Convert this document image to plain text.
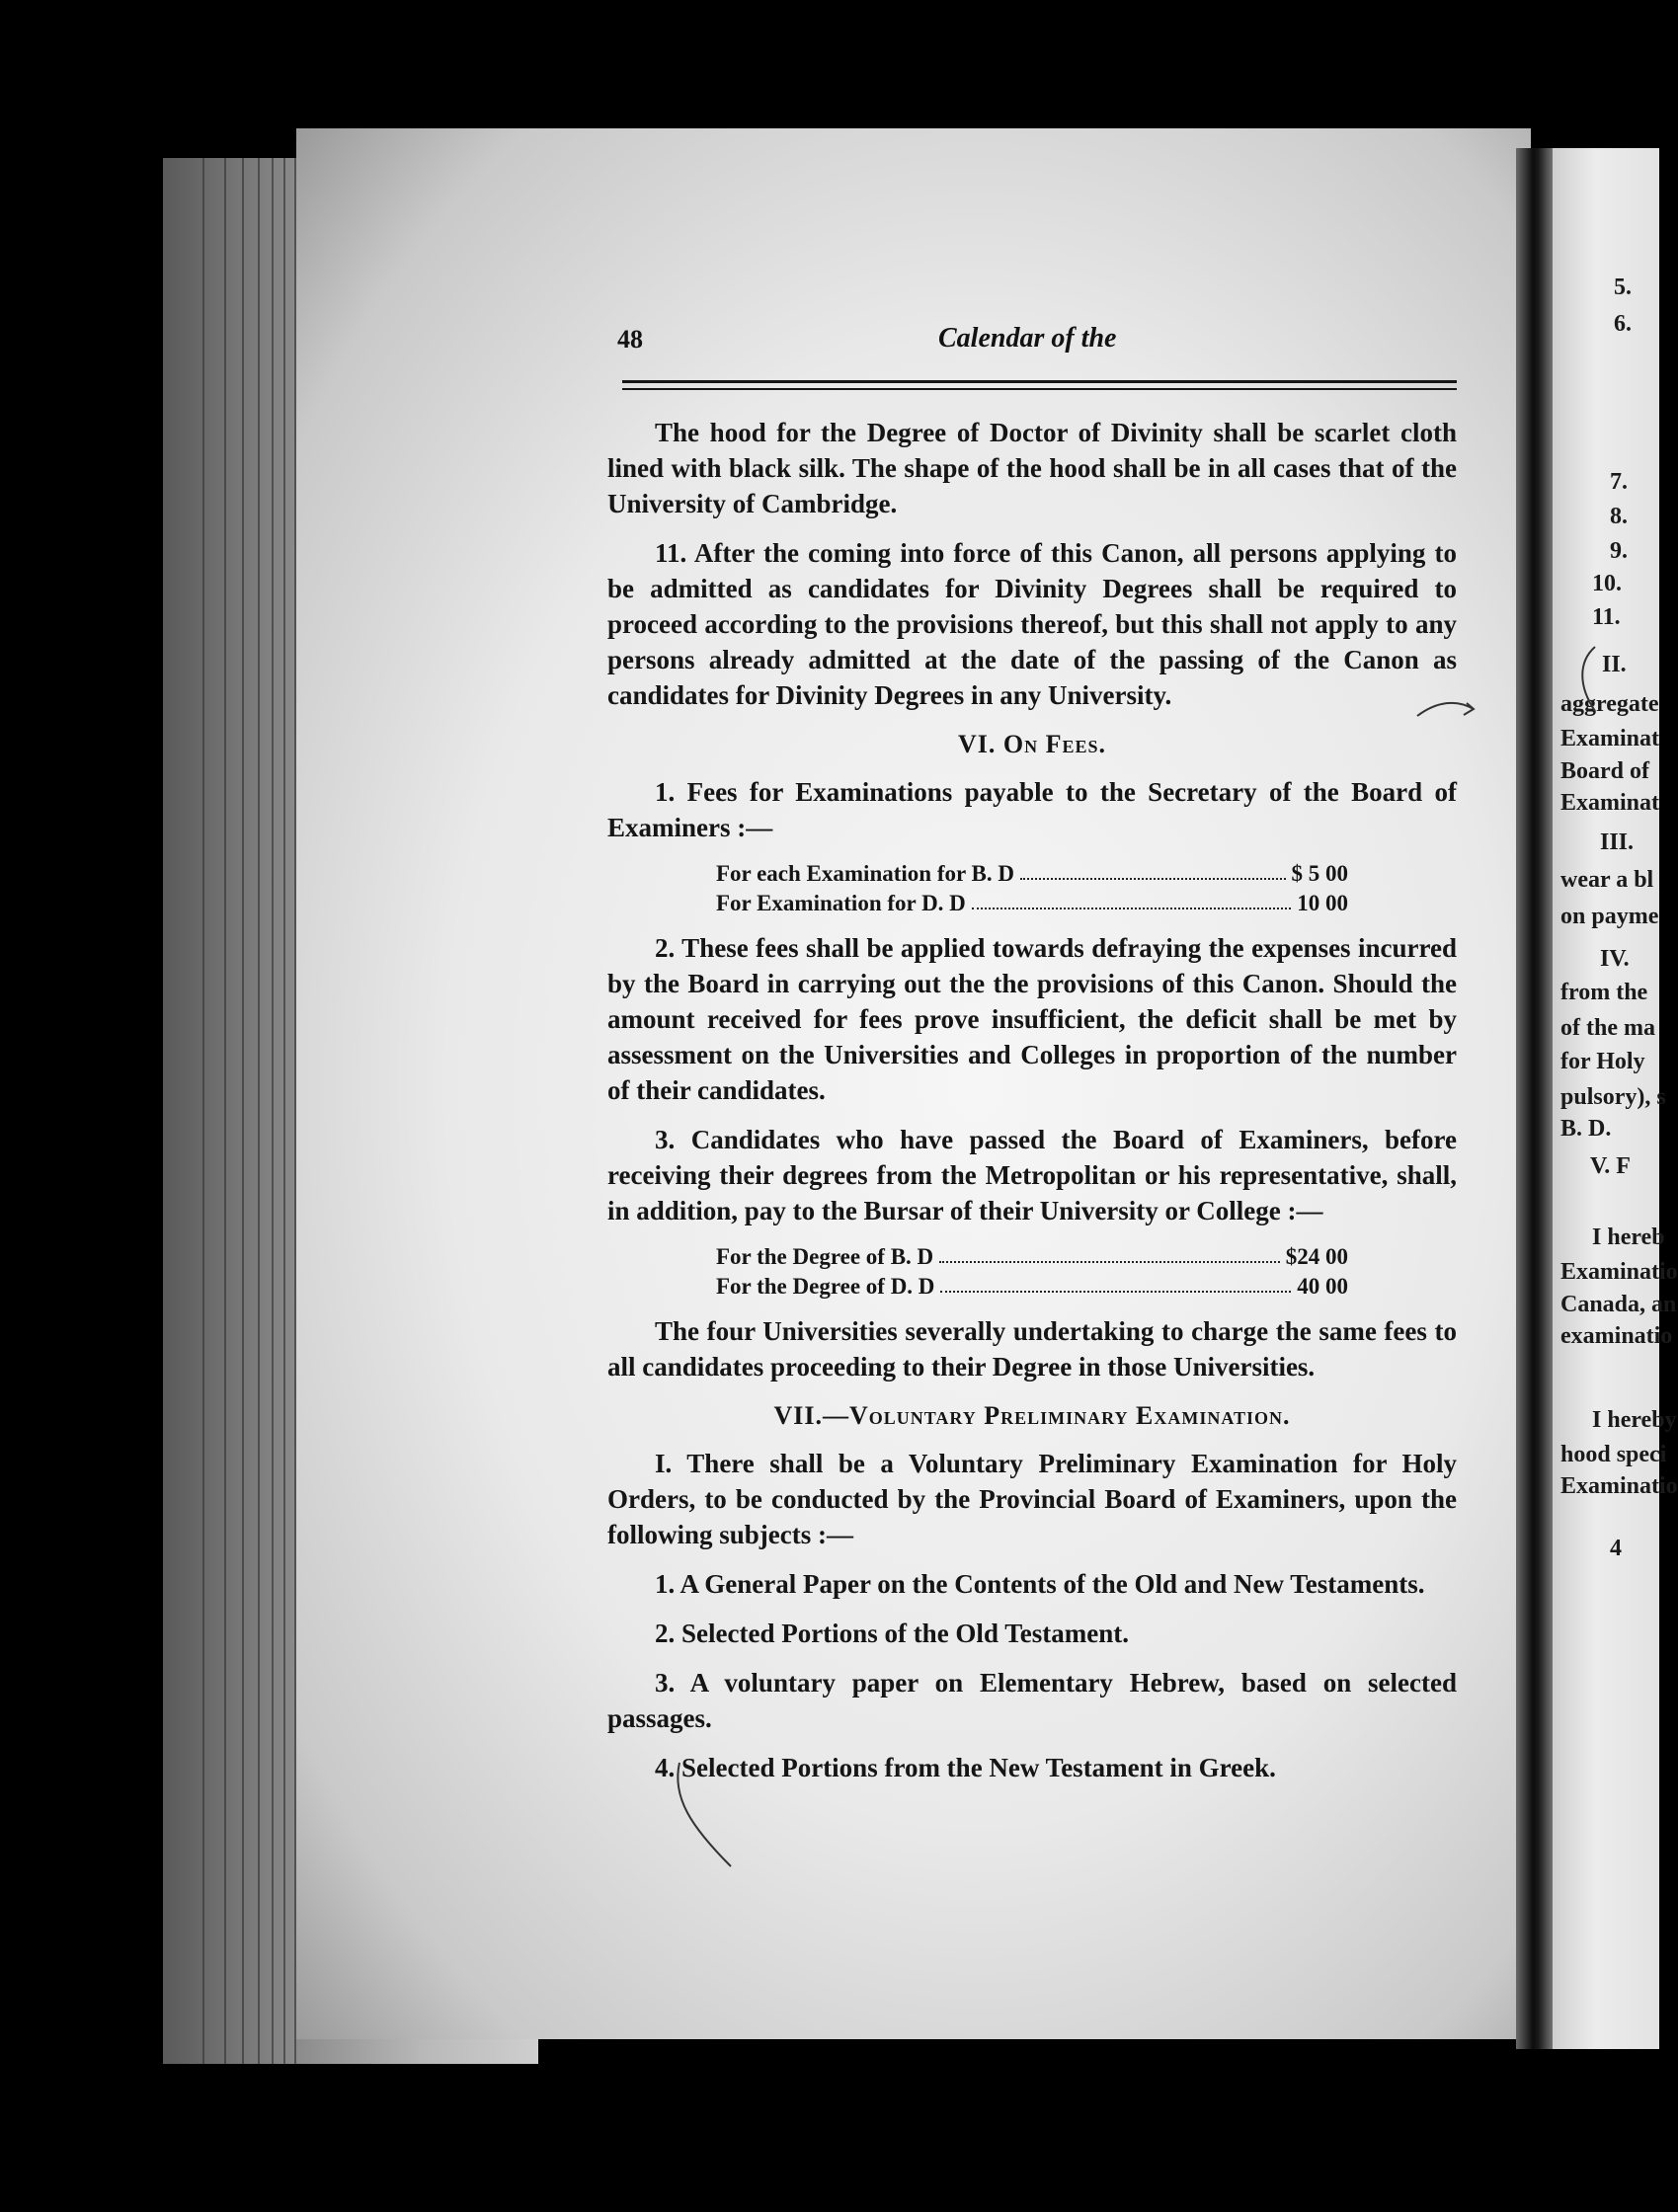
5.
6.
7.
8.
9.
10.
11.
II.
aggregate
Examinat
Board of
Examinat
III.
wear a bl
on payme
IV.
from the
of the ma
for Holy
pulsory), s
B. D.
V. F
I hereb
Examinatio
Canada, an
examinatio
I hereby
hood speci
Examinatio
4
48	Calendar of the

The hood for the Degree of Doctor of Divinity shall be scarlet cloth lined with black silk. The shape of the hood shall be in all cases that of the University of Cambridge.

11. After the coming into force of this Canon, all persons applying to be admitted as candidates for Divinity Degrees shall be required to proceed according to the provisions thereof, but this shall not apply to any persons already admitted at the date of the passing of the Canon as candidates for Divinity Degrees in any University.

VI. On Fees.

1. Fees for Examinations payable to the Secretary of the Board of Examiners :—

For each Examination for B. D	$ 5 00
For Examination for D. D	10 00

2. These fees shall be applied towards defraying the expenses incurred by the Board in carrying out the the provisions of this Canon. Should the amount received for fees prove insufficient, the deficit shall be met by assessment on the Universities and Colleges in proportion of the number of their candidates.

3. Candidates who have passed the Board of Examiners, before receiving their degrees from the Metropolitan or his representative, shall, in addition, pay to the Bursar of their University or College :—

For the Degree of B. D	$24 00
For the Degree of D. D	40 00

The four Universities severally undertaking to charge the same fees to all candidates proceeding to their Degree in those Universities.

VII.—Voluntary Preliminary Examination.

I. There shall be a Voluntary Preliminary Examination for Holy Orders, to be conducted by the Provincial Board of Examiners, upon the following subjects :—

1. A General Paper on the Contents of the Old and New Testaments.

2. Selected Portions of the Old Testament.

3. A voluntary paper on Elementary Hebrew, based on selected passages.

4. Selected Portions from the New Testament in Greek.
